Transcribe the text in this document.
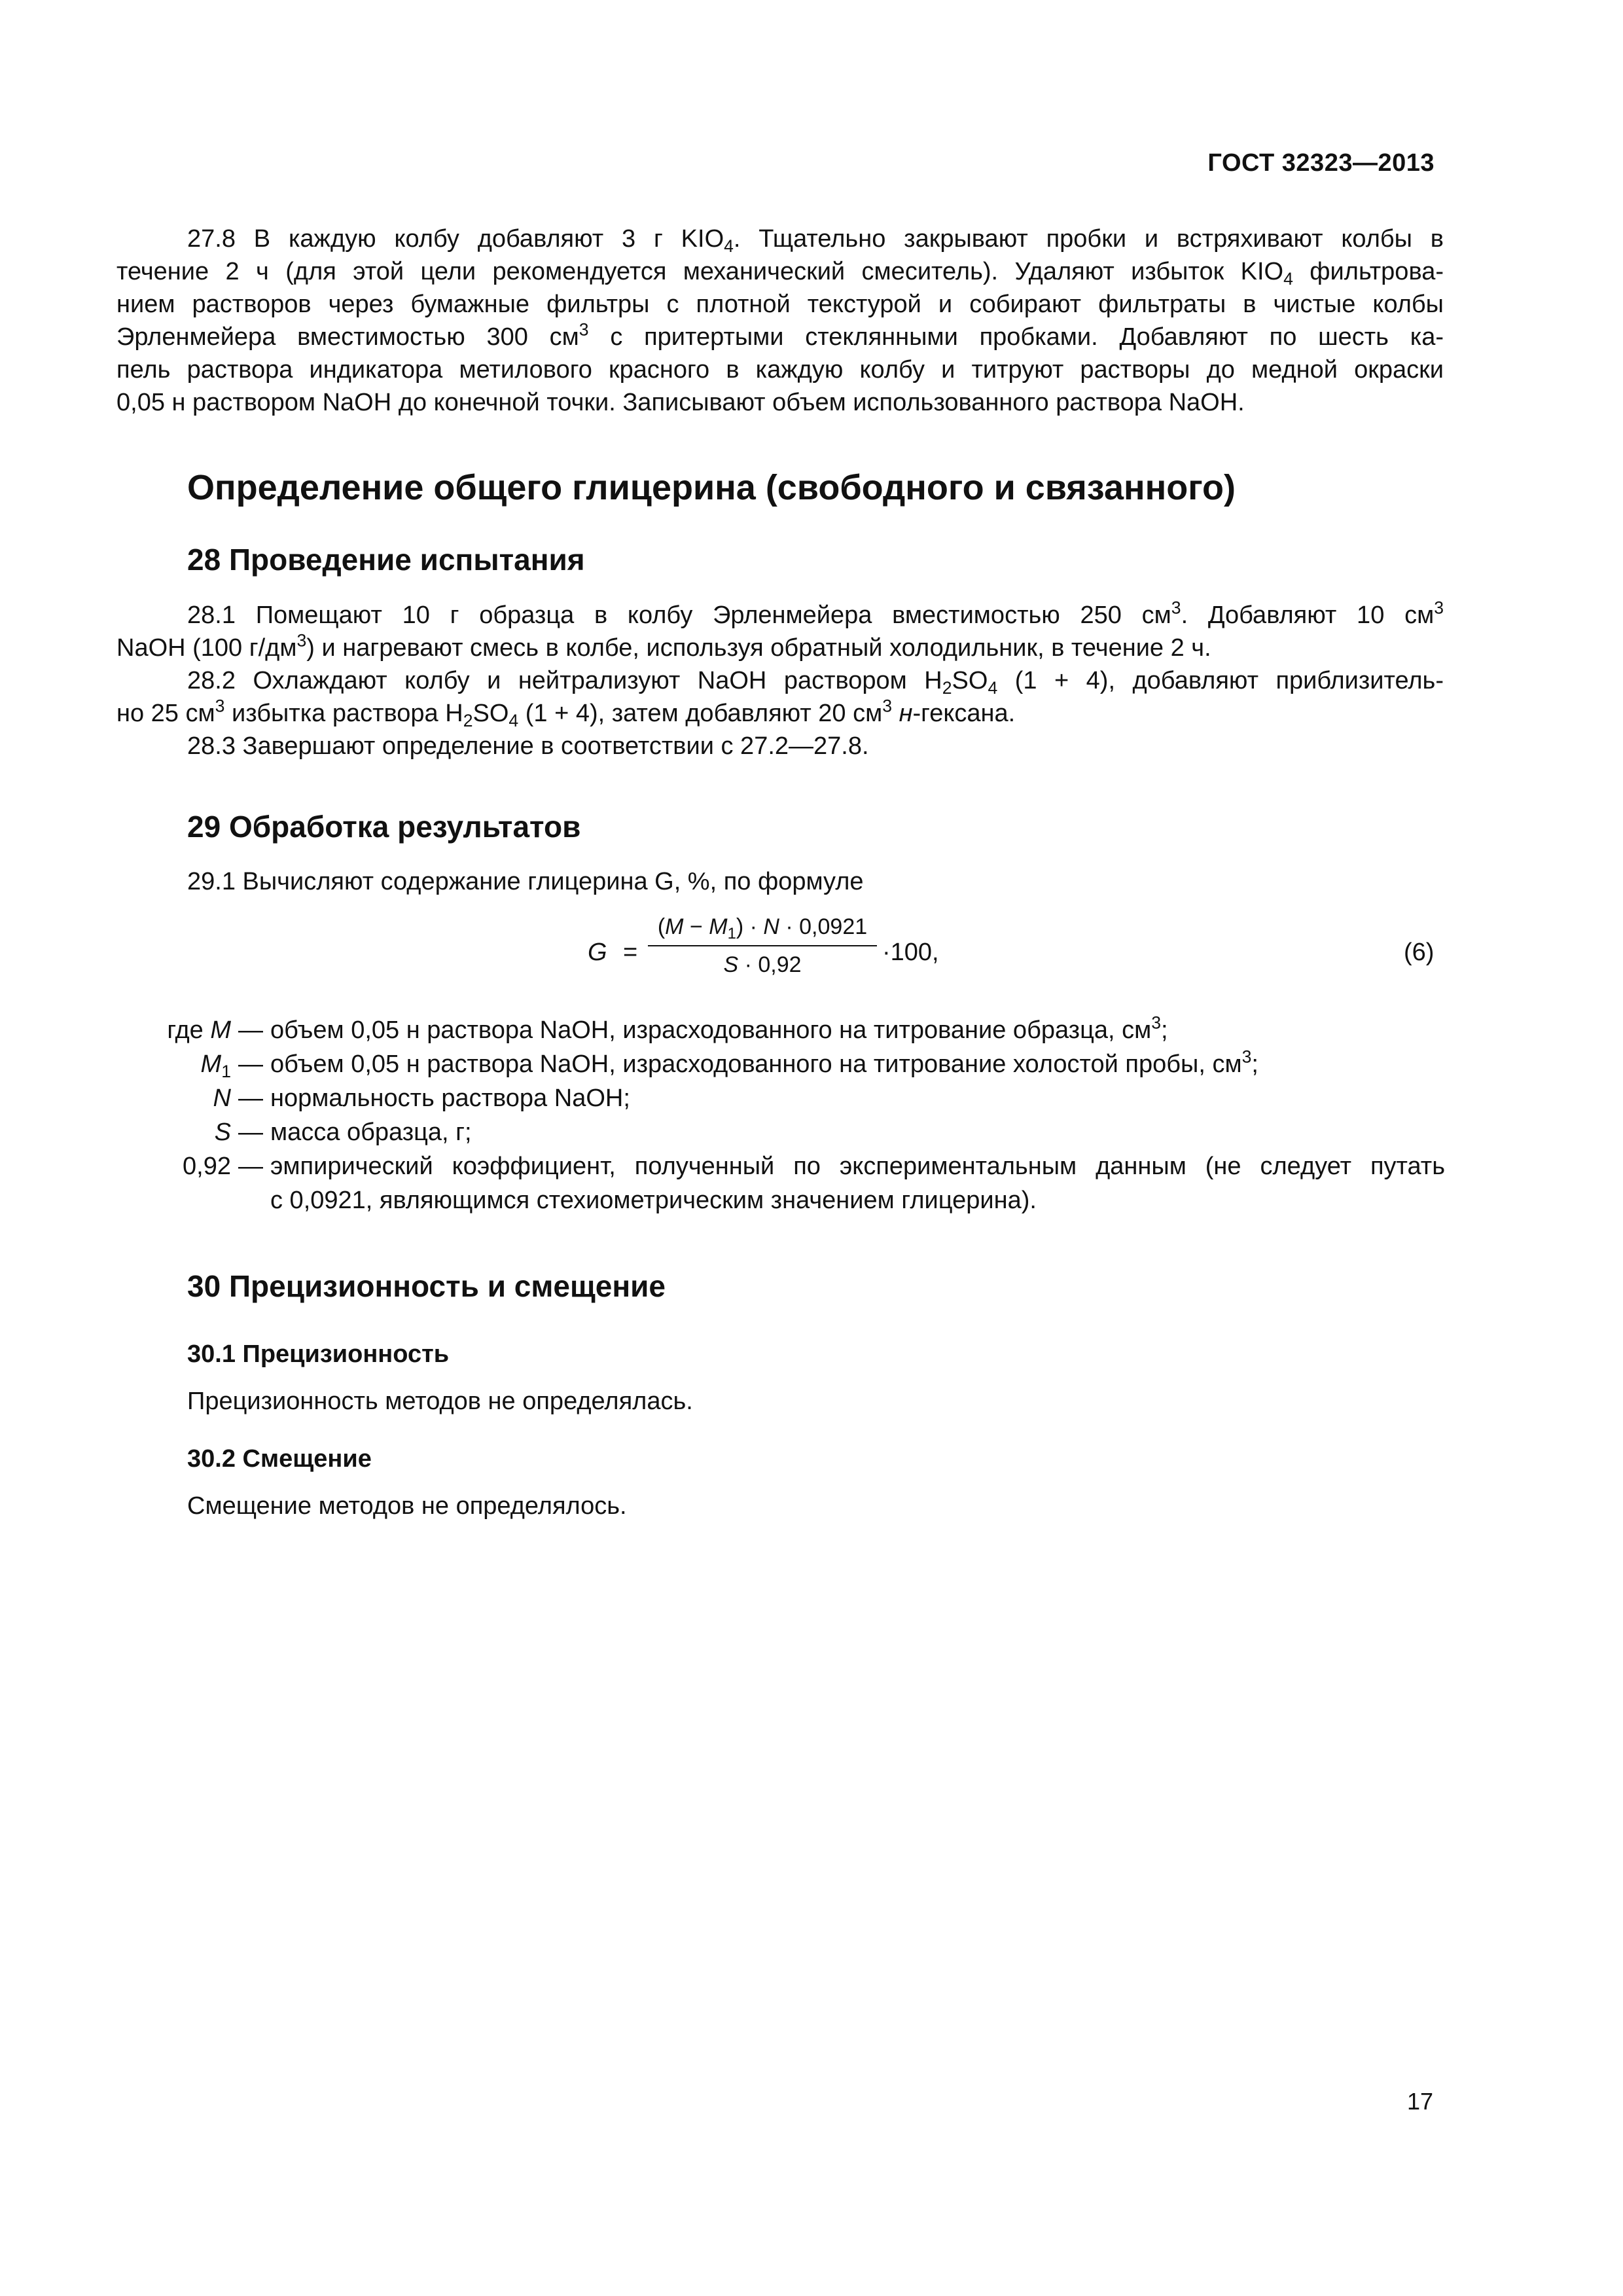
ГОСТ 32323—2013
27.8 В каждую колбу добавляют 3 г $KIO_4$. Тщательно закрывают пробки и встряхивают колбы в
течение 2 ч (для этой цели рекомендуется механический смеситель). Удаляют избыток $KIO_4$ фильтрова-
нием растворов через бумажные фильтры с плотной текстурой и собирают фильтраты в чистые колбы
Эрленмейера вместимостью 300 $см^3$ с притертыми стеклянными пробками. Добавляют по шесть ка-
пель раствора индикатора метилового красного в каждую колбу и титруют растворы до медной окраски
0,05 н раствором NaOH до конечной точки. Записывают объем использованного раствора NaOH.
Определение общего глицерина (свободного и связанного)
28 Проведение испытания
28.1 Помещают 10 г образца в колбу Эрленмейера вместимостью 250 $см^3$. Добавляют 10 $см^3$
NaOH (100 $г/дм^3$) и нагревают смесь в колбе, используя обратный холодильник, в течение 2 ч.
28.2 Охлаждают колбу и нейтрализуют NaOH раствором $H_2SO_4$ (1 + 4), добавляют приблизитель-
но 25 $см^3$ избытка раствора $H_2SO_4$ (1 + 4), затем добавляют 20 $см^3$ н-гексана.
28.3 Завершают определение в соответствии с 27.2—27.8.
29 Обработка результатов
29.1 Вычисляют содержание глицерина G, %, по формуле
G =
$(M - M_1) \cdot N \cdot 0,0921$
S · 0,92	·100,	(6)
где M — объем 0,05 н раствора NaOH, израсходованного на титрование образца, $см^3$;
$M_1$ — объем 0,05 н раствора NaOH, израсходованного на титрование холостой пробы, $см^3$;
N — нормальность раствора NaOH;
S — масса образца, г;
0,92 — эмпирический коэффициент, полученный по экспериментальным данным (не следует путать
с 0,0921, являющимся стехиометрическим значением глицерина).
30 Прецизионность и смещение
30.1 Прецизионность
Прецизионность методов не определялась.
30.2 Смещение
Смещение методов не определялось.
17
